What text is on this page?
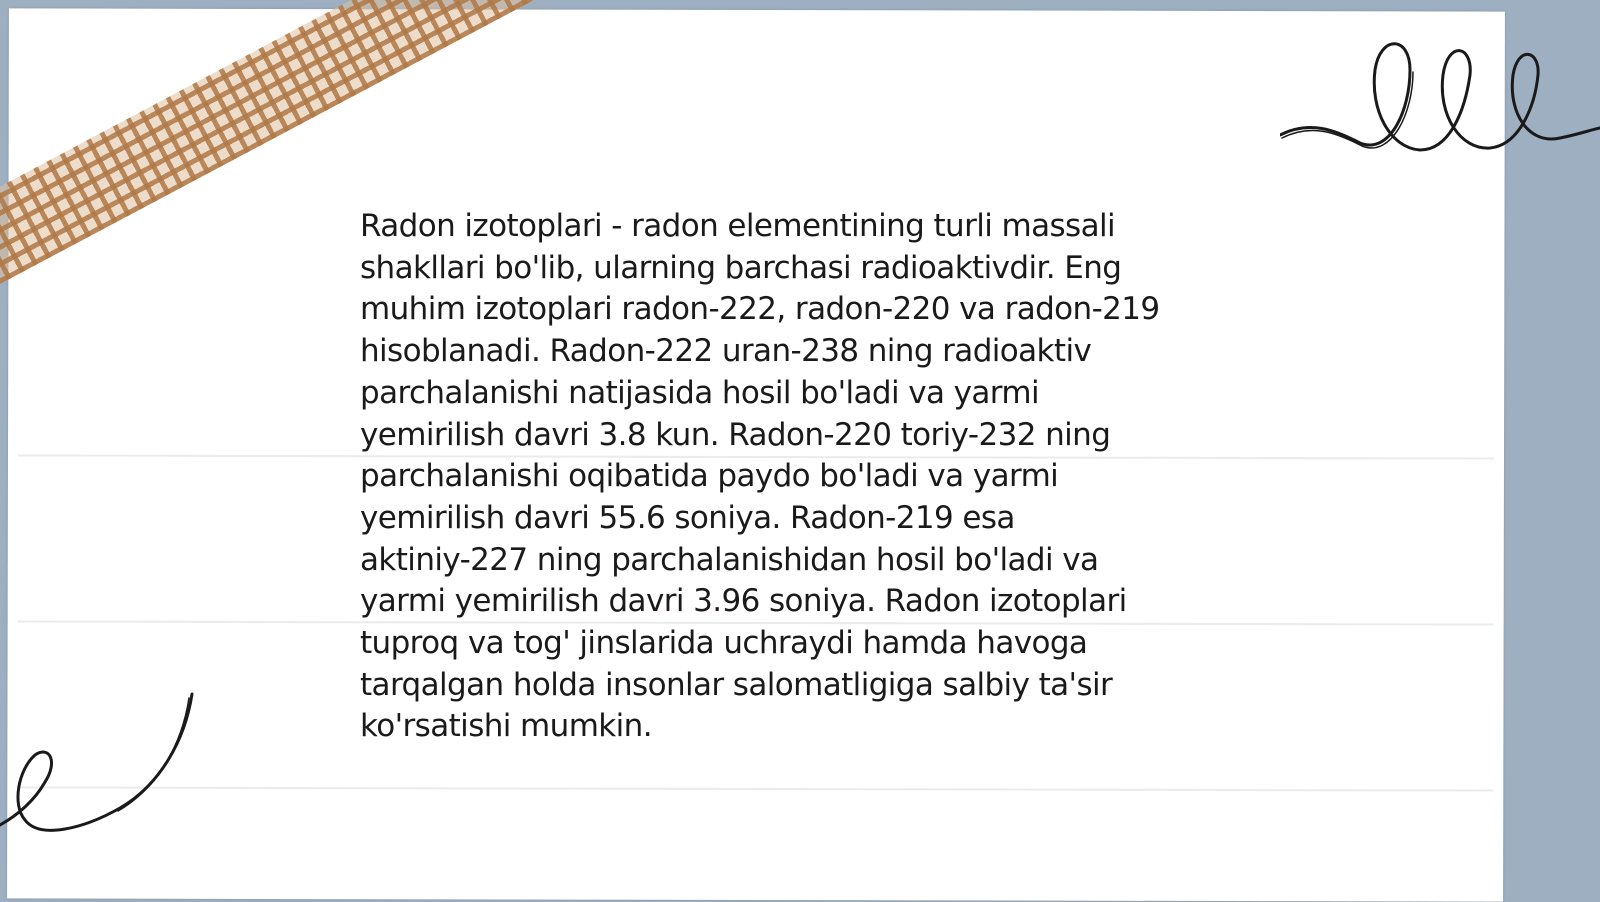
Radon izotoplari - radon elementining turli massali
shakllari bo'lib, ularning barchasi radioaktivdir. Eng
muhim izotoplari radon-222, radon-220 va radon-219
hisoblanadi. Radon-222 uran-238 ning radioaktiv
parchalanishi natijasida hosil bo'ladi va yarmi
yemirilish davri 3.8 kun. Radon-220 toriy-232 ning
parchalanishi oqibatida paydo bo'ladi va yarmi
yemirilish davri 55.6 soniya. Radon-219 esa
aktiniy-227 ning parchalanishidan hosil bo'ladi va
yarmi yemirilish davri 3.96 soniya. Radon izotoplari
tuproq va tog' jinslarida uchraydi hamda havoga
tarqalgan holda insonlar salomatligiga salbiy ta'sir
ko'rsatishi mumkin.
